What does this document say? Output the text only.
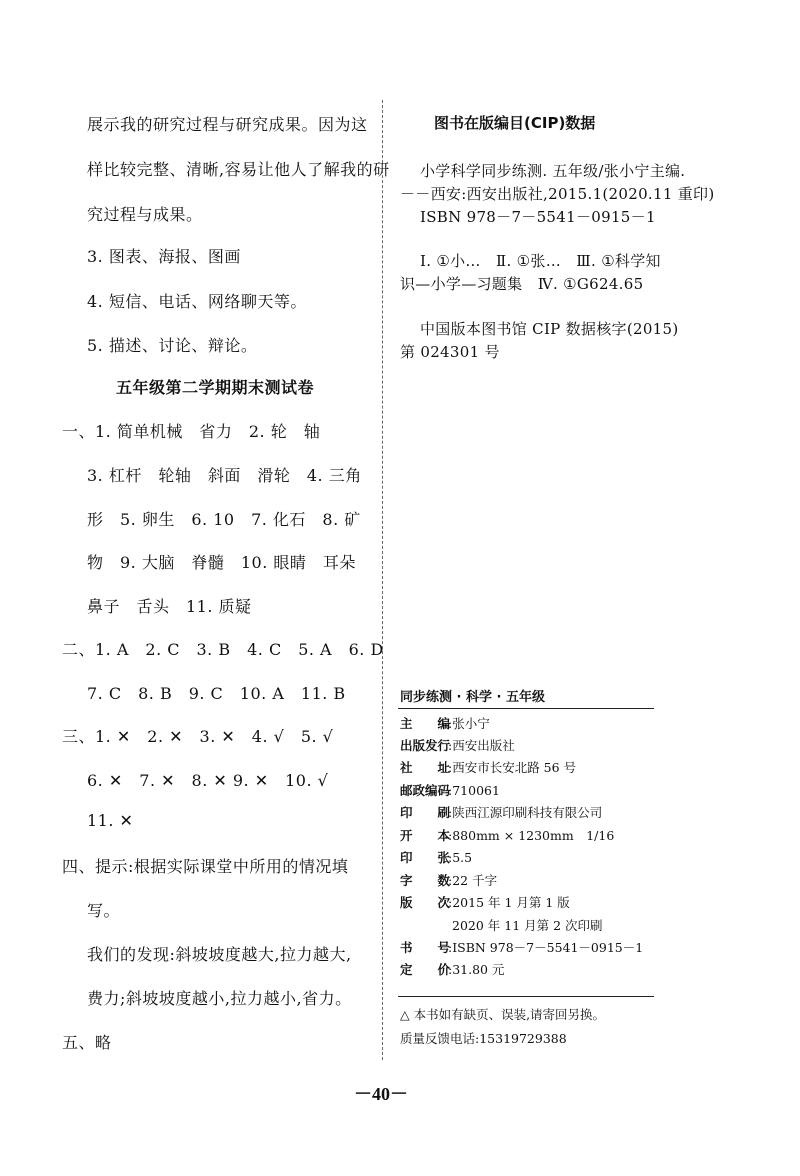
展示我的研究过程与研究成果。因为这
样比较完整、清晰,容易让他人了解我的研
究过程与成果。
3. 图表、海报、图画
4. 短信、电话、网络聊天等。
5. 描述、讨论、辩论。
五年级第二学期期末测试卷
一、1. 简单机械　省力　2. 轮　轴
3. 杠杆　轮轴　斜面　滑轮　4. 三角
形　5. 卵生　6. 10　7. 化石　8. 矿
物　9. 大脑　脊髓　10. 眼睛　耳朵
鼻子　舌头　11. 质疑
二、1. A　2. C　3. B　4. C　5. A　6. D
7. C　8. B　9. C　10. A　11. B
三、1. ✕　2. ✕　3. ✕　4. √　5. √
6. ✕　7. ✕　8. ✕ 9. ✕　10. √
11. ✕
四、提示:根据实际课堂中所用的情况填
写。
我们的发现:斜坡坡度越大,拉力越大,
费力;斜坡坡度越小,拉力越小,省力。
五、略
图书在版编目(CIP)数据
小学科学同步练测. 五年级/张小宁主编.
－－西安:西安出版社,2015.1(2020.11 重印)
ISBN 978－7－5541－0915－1
Ⅰ. ①小…　Ⅱ. ①张…　Ⅲ. ①科学知
识—小学—习题集　Ⅳ. ①G624.65
中国版本图书馆 CIP 数据核字(2015)
第 024301 号
同步练测 · 科学 · 五年级
主　　编:张小宁
出版发行:西安出版社
社　　址:西安市长安北路 56 号
邮政编码:710061
印　　刷:陕西江源印刷科技有限公司
开　　本:880mm × 1230mm　1/16
印　　张:5.5
字　　数:22 千字
版　　次:2015 年 1 月第 1 版
2020 年 11 月第 2 次印刷
书　　号:ISBN 978－7－5541－0915－1
定　　价:31.80 元
△ 本书如有缺页、误装,请寄回另换。
质量反馈电话:15319729388
－40－
